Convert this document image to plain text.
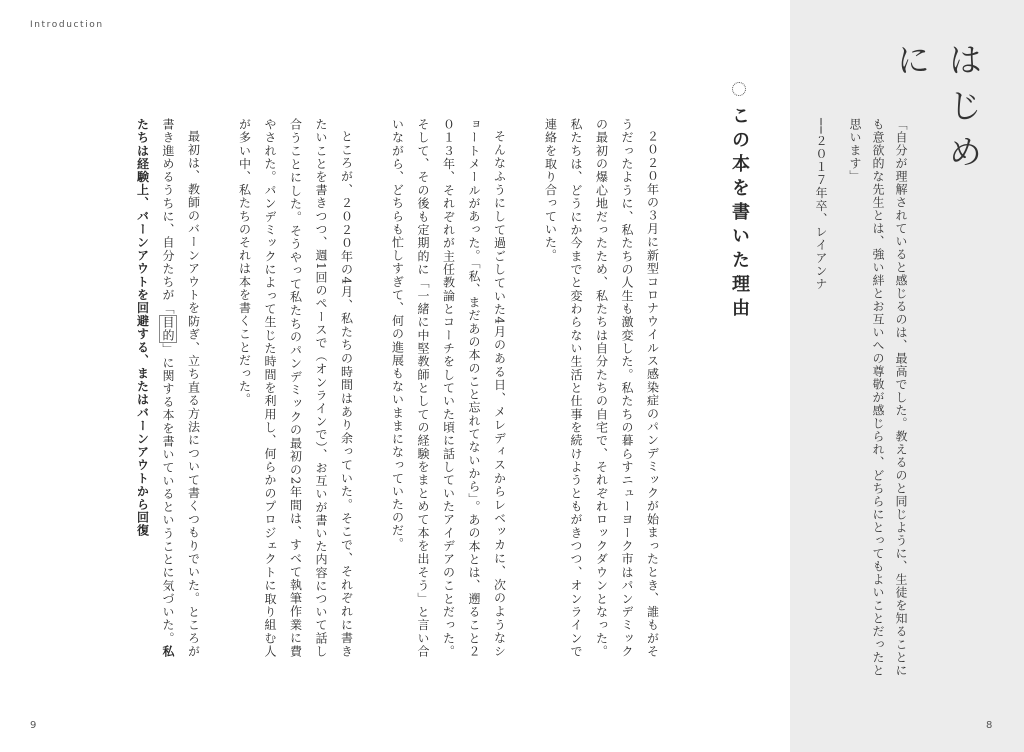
Introduction
はじめに
「自分が理解されていると感じるのは、最高でした。教えるのと同じように、生徒を知ることにも意欲的な先生とは、強い絆とお互いへの尊敬が感じられ、どちらにとってもよいことだったと思います」
──２０１７年卒、レイアンナ
この本を書いた理由

２０２０年の３月に新型コロナウイルス感染症のパンデミックが始まったとき、誰もがそうだったように、私たちの人生も激変した。私たちの暮らすニューヨーク市はパンデミックの最初の爆心地だったため、私たちは自分たちの自宅で、それぞれロックダウンとなった。私たちは、どうにか今までと変わらない生活と仕事を続けようともがきつつ、オンラインで連絡を取り合っていた。

そんなふうにして過ごしていた4月のある日、メレディスからレベッカに、次のようなショートメールがあった。「私、まだあの本のこと忘れてないから」。あの本とは、遡ること２０１３年、それぞれが主任教論とコーチをしていた頃に話していたアイデアのことだった。そして、その後も定期的に「一緒に中堅教師としての経験をまとめて本を出そう」と言い合いながら、どちらも忙しすぎて、何の進展もないままになっていたのだ。

ところが、２０２０年の4月、私たちの時間はあり余っていた。そこで、それぞれに書きたいことを書きつつ、週1回のペースで（オンラインで）、お互いが書いた内容について話し合うことにした。そうやって私たちのパンデミックの最初の2年間は、すべて執筆作業に費やされた。パンデミックによって生じた時間を利用し、何らかのプロジェクトに取り組む人が多い中、私たちのそれは本を書くことだった。

最初は、教師のバーンアウトを防ぎ、立ち直る方法について書くつもりでいた。ところが書き進めるうちに、自分たちが「目的」に関する本を書いているということに気づいた。私たちは経験上、バーンアウトを回避する、またはバーンアウトから回復

9	8
